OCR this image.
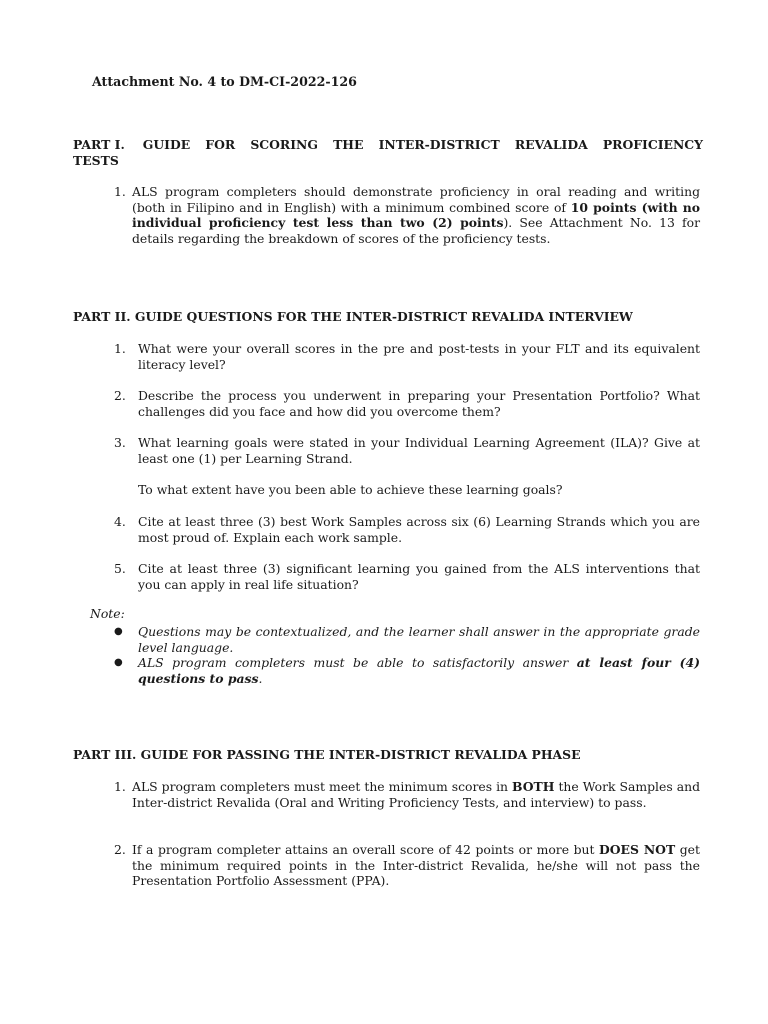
Attachment No. 4 to DM-CI-2022-126
PART I. GUIDE FOR SCORING THE INTER-DISTRICT REVALIDA PROFICIENCY
TESTS
1. ALS program completers should demonstrate proficiency in oral reading and writing (both in Filipino and in English) with a minimum combined score of 10 points (with no individual proficiency test less than two (2) points). See Attachment No. 13 for details regarding the breakdown of scores of the proficiency tests.
PART II. GUIDE QUESTIONS FOR THE INTER-DISTRICT REVALIDA INTERVIEW
1. What were your overall scores in the pre and post-tests in your FLT and its equivalent literacy level?
2. Describe the process you underwent in preparing your Presentation Portfolio? What challenges did you face and how did you overcome them?
3. What learning goals were stated in your Individual Learning Agreement (ILA)? Give at least one (1) per Learning Strand.
To what extent have you been able to achieve these learning goals?
4. Cite at least three (3) best Work Samples across six (6) Learning Strands which you are most proud of. Explain each work sample.
5. Cite at least three (3) significant learning you gained from the ALS interventions that you can apply in real life situation?
Note:
● Questions may be contextualized, and the learner shall answer in the appropriate grade level language.
● ALS program completers must be able to satisfactorily answer at least four (4) questions to pass.
PART III. GUIDE FOR PASSING THE INTER-DISTRICT REVALIDA PHASE
1. ALS program completers must meet the minimum scores in BOTH the Work Samples and Inter-district Revalida (Oral and Writing Proficiency Tests, and interview) to pass.
2. If a program completer attains an overall score of 42 points or more but DOES NOT get the minimum required points in the Inter-district Revalida, he/she will not pass the Presentation Portfolio Assessment (PPA).
